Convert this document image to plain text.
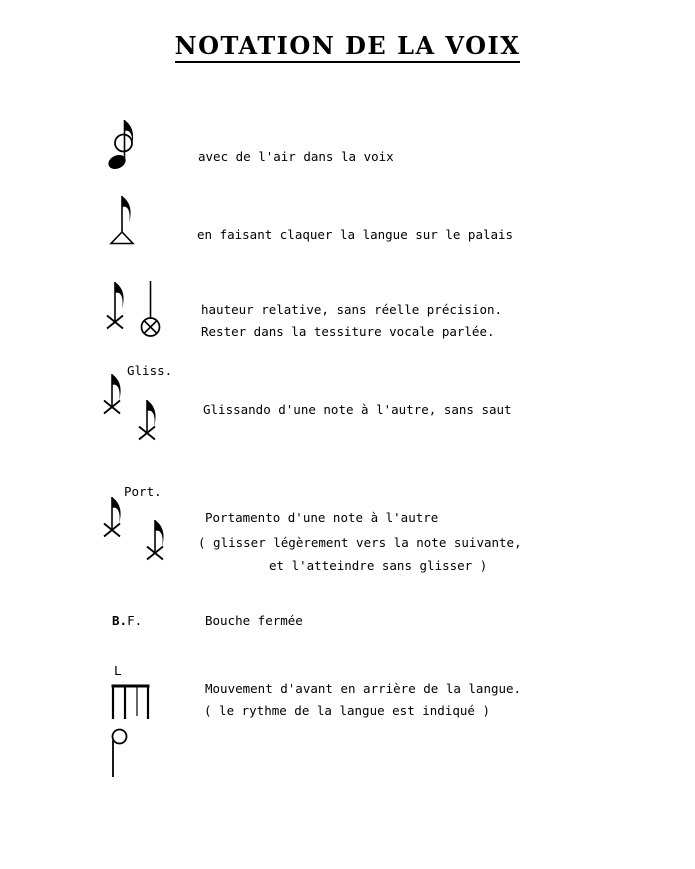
NOTATION DE LA VOIX
avec de l'air dans la voix
en faisant claquer la langue sur le palais
hauteur relative, sans réelle précision.
Rester dans la tessiture vocale parlée.
Gliss.
Glissando d'une note à l'autre, sans saut
Port.
Portamento d'une note à l'autre
( glisser légèrement vers la note suivante,
et l'atteindre sans glisser )
B.F.	Bouche fermée
L
Mouvement d'avant en arrière de la langue.
( le rythme de la langue est indiqué )
